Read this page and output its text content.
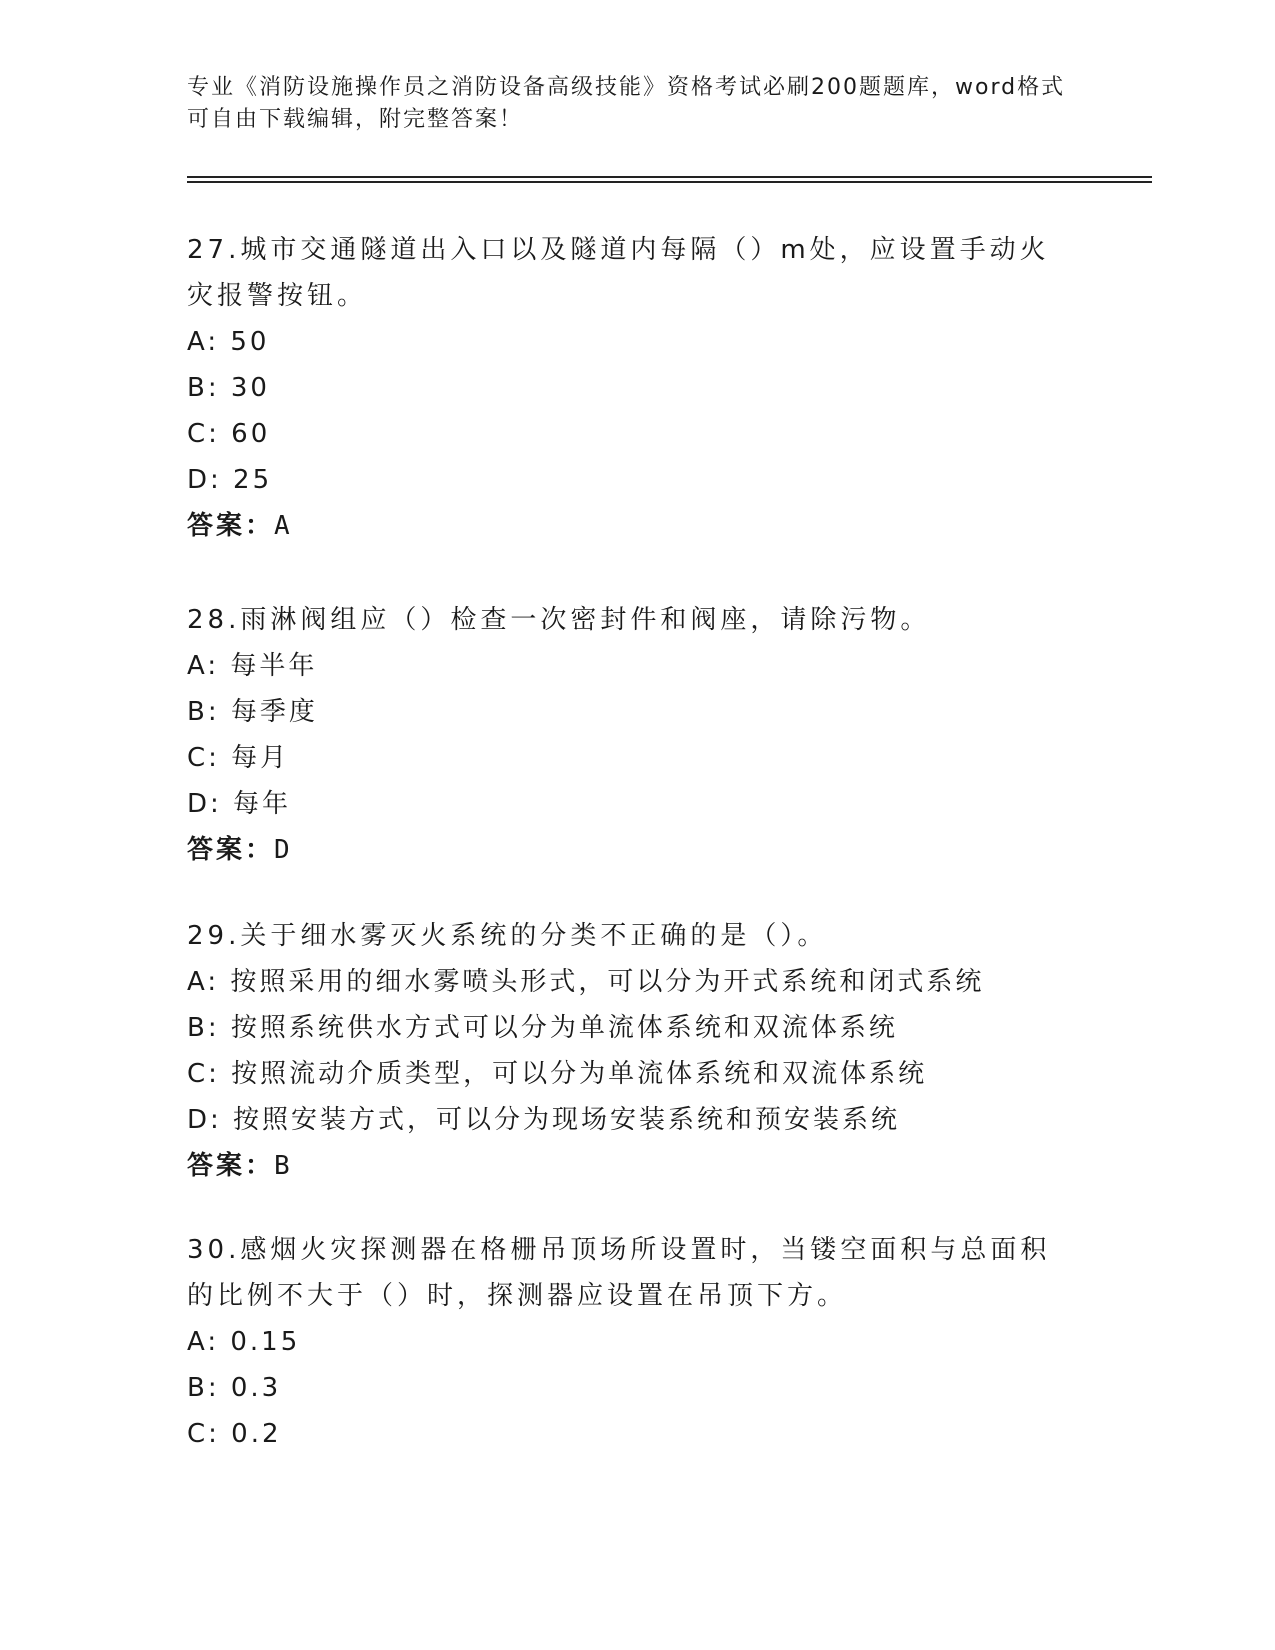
专业《消防设施操作员之消防设备高级技能》资格考试必刷200题题库，word格式可自由下载编辑，附完整答案！
27.城市交通隧道出入口以及隧道内每隔（）m处，应设置手动火灾报警按钮。
A: 50
B: 30
C: 60
D: 25
答案：A
28.雨淋阀组应（）检查一次密封件和阀座，请除污物。
A: 每半年
B: 每季度
C: 每月
D: 每年
答案：D
29.关于细水雾灭火系统的分类不正确的是（）。
A: 按照采用的细水雾喷头形式，可以分为开式系统和闭式系统
B: 按照系统供水方式可以分为单流体系统和双流体系统
C: 按照流动介质类型，可以分为单流体系统和双流体系统
D: 按照安装方式，可以分为现场安装系统和预安装系统
答案：B
30.感烟火灾探测器在格栅吊顶场所设置时，当镂空面积与总面积的比例不大于（）时，探测器应设置在吊顶下方。
A: 0.15
B: 0.3
C: 0.2
